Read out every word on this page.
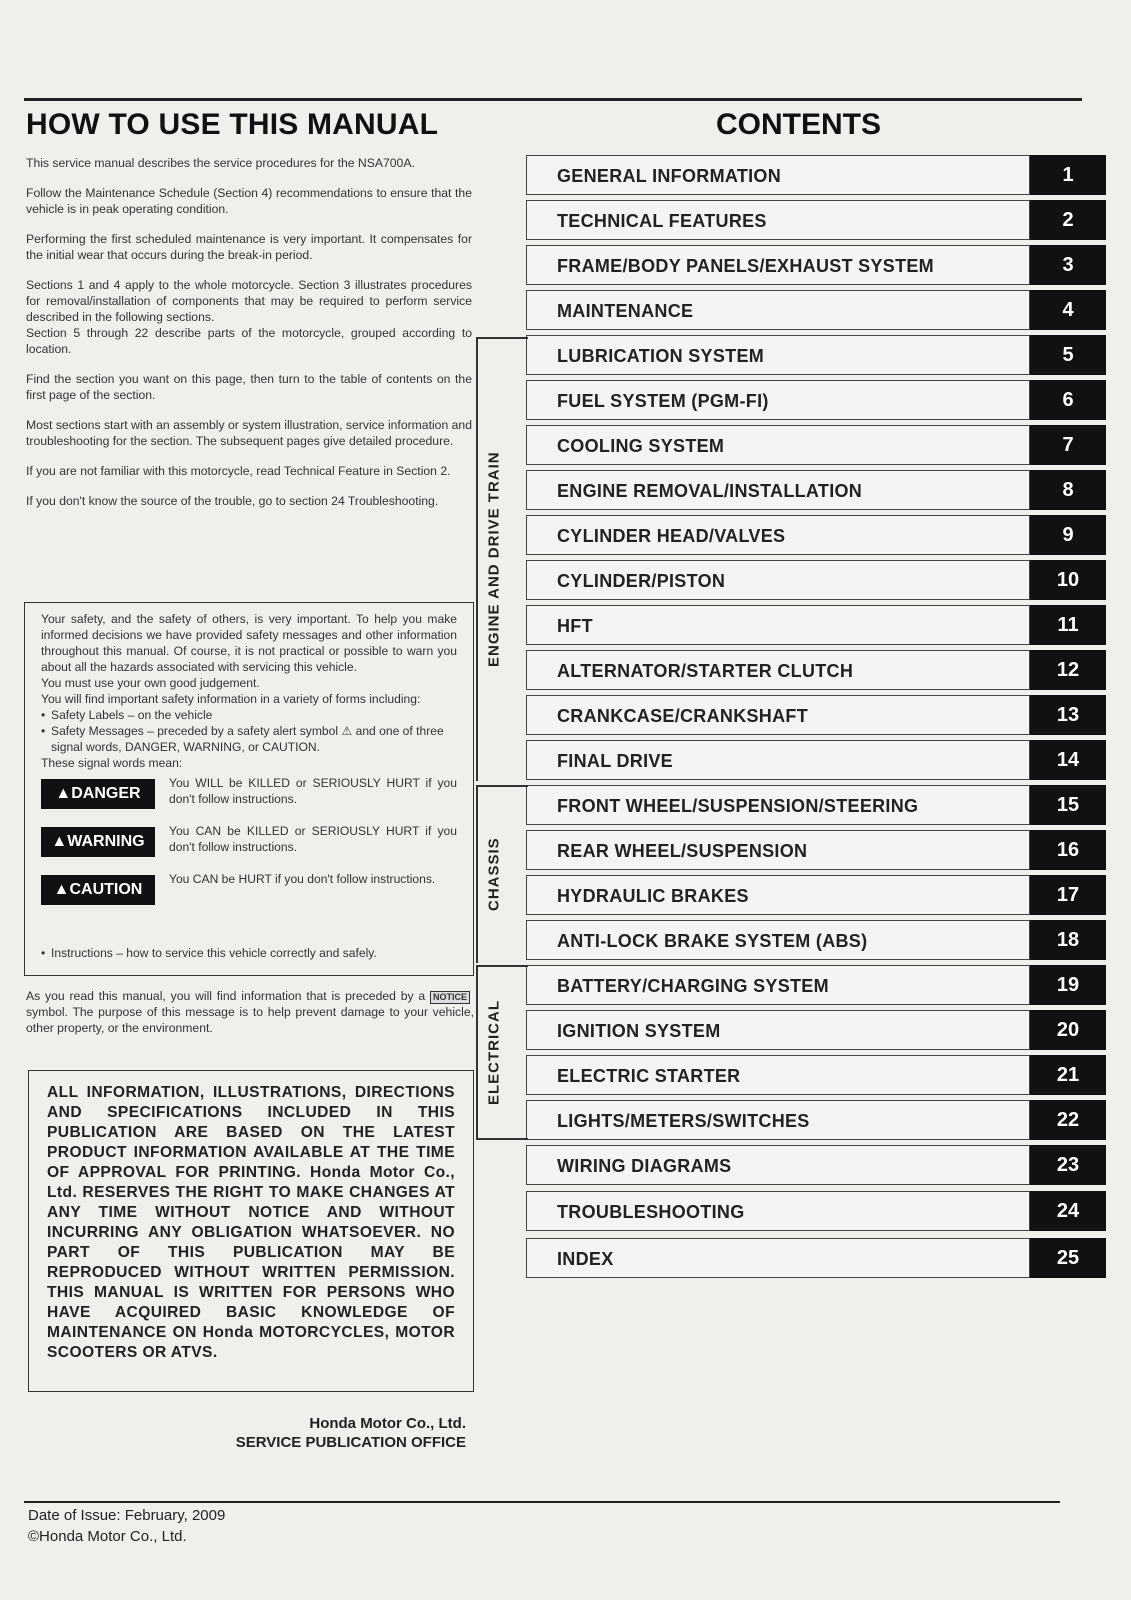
HOW TO USE THIS MANUAL

This service manual describes the service procedures for the NSA700A.

Follow the Maintenance Schedule (Section 4) recommendations to ensure that the vehicle is in peak operating condition.

Performing the first scheduled maintenance is very important. It compensates for the initial wear that occurs during the break-in period.

Sections 1 and 4 apply to the whole motorcycle. Section 3 illustrates procedures for removal/installation of components that may be required to perform service described in the following sections.

Section 5 through 22 describe parts of the motorcycle, grouped according to location.

Find the section you want on this page, then turn to the table of contents on the first page of the section.

Most sections start with an assembly or system illustration, service information and troubleshooting for the section. The subsequent pages give detailed procedure.

If you are not familiar with this motorcycle, read Technical Feature in Section 2.

If you don't know the source of the trouble, go to section 24 Troubleshooting.

Your safety, and the safety of others, is very important. To help you make informed decisions we have provided safety messages and other information throughout this manual. Of course, it is not practical or possible to warn you about all the hazards associated with servicing this vehicle.
You must use your own good judgement.
You will find important safety information in a variety of forms including:
• Safety Labels – on the vehicle
• Safety Messages – preceded by a safety alert symbol ⚠ and one of three signal words, DANGER, WARNING, or CAUTION.
These signal words mean:
▲DANGER
You WILL be KILLED or SERIOUSLY HURT if you don't follow instructions.
▲WARNING
You CAN be KILLED or SERIOUSLY HURT if you don't follow instructions.
▲CAUTION
You CAN be HURT if you don't follow instructions.
• Instructions – how to service this vehicle correctly and safely.
As you read this manual, you will find information that is preceded by a NOTICE symbol. The purpose of this message is to help prevent damage to your vehicle, other property, or the environment.
ALL INFORMATION, ILLUSTRATIONS, DIRECTIONS AND SPECIFICATIONS INCLUDED IN THIS PUBLICATION ARE BASED ON THE LATEST PRODUCT INFORMATION AVAILABLE AT THE TIME OF APPROVAL FOR PRINTING. Honda Motor Co., Ltd. RESERVES THE RIGHT TO MAKE CHANGES AT ANY TIME WITHOUT NOTICE AND WITHOUT INCURRING ANY OBLIGATION WHATSOEVER. NO PART OF THIS PUBLICATION MAY BE REPRODUCED WITHOUT WRITTEN PERMISSION. THIS MANUAL IS WRITTEN FOR PERSONS WHO HAVE ACQUIRED BASIC KNOWLEDGE OF MAINTENANCE ON Honda MOTORCYCLES, MOTOR SCOOTERS OR ATVS.
Honda Motor Co., Ltd.
SERVICE PUBLICATION OFFICE
Date of Issue: February, 2009
©Honda Motor Co., Ltd.
CONTENTS
GENERAL INFORMATION	1
TECHNICAL FEATURES	2
FRAME/BODY PANELS/EXHAUST SYSTEM	3
MAINTENANCE	4
LUBRICATION SYSTEM	5
FUEL SYSTEM (PGM-FI)	6
COOLING SYSTEM	7
ENGINE REMOVAL/INSTALLATION	8
CYLINDER HEAD/VALVES	9
CYLINDER/PISTON	10
HFT	11
ALTERNATOR/STARTER CLUTCH	12
CRANKCASE/CRANKSHAFT	13
FINAL DRIVE	14
FRONT WHEEL/SUSPENSION/STEERING	15
REAR WHEEL/SUSPENSION	16
HYDRAULIC BRAKES	17
ANTI-LOCK BRAKE SYSTEM (ABS)	18
BATTERY/CHARGING SYSTEM	19
IGNITION SYSTEM	20
ELECTRIC STARTER	21
LIGHTS/METERS/SWITCHES	22
WIRING DIAGRAMS	23
TROUBLESHOOTING	24
INDEX	25
ENGINE AND DRIVE TRAIN
CHASSIS
ELECTRICAL
